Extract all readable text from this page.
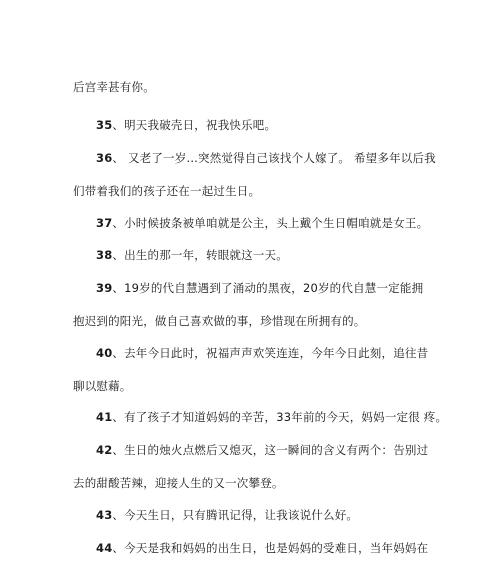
后宫幸甚有你。
35、明天我破壳日，祝我快乐吧。
36、 又老了一岁...突然觉得自己该找个人嫁了。 希望多年以后我
们带着我们的孩子还在一起过生日。
37、小时候披条被单咱就是公主，头上戴个生日帽咱就是女王。
38、出生的那一年，转眼就这一天。
39、19岁的代自慧遇到了涌动的黑夜，20岁的代自慧一定能拥
抱迟到的阳光，做自己喜欢做的事，珍惜现在所拥有的。
40、去年今日此时，祝福声声欢笑连连，今年今日此刻，追往昔
聊以慰藉。
41、有了孩子才知道妈妈的辛苦，33年前的今天，妈妈一定很 疼。
42、生日的烛火点燃后又熄灭，这一瞬间的含义有两个：告别过
去的甜酸苦辣，迎接人生的又一次攀登。
43、今天生日，只有腾讯记得，让我该说什么好。
44、今天是我和妈妈的出生日，也是妈妈的受难日，当年妈妈在
